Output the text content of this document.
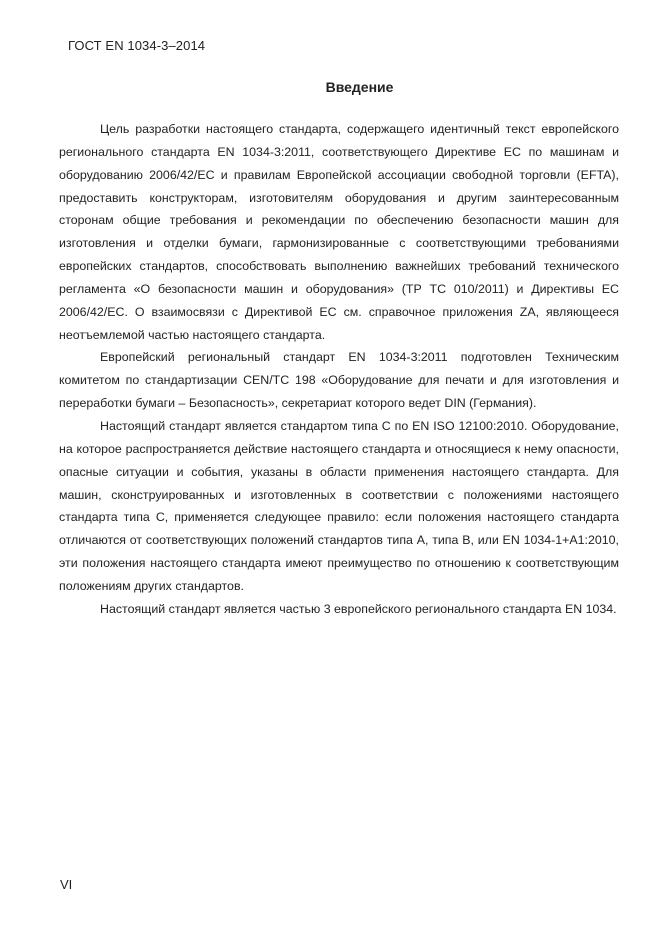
ГОСТ EN 1034-3–2014
Введение

Цель разработки настоящего стандарта, содержащего идентичный текст европейского регионального стандарта EN 1034-3:2011, соответствующего Директиве ЕС по машинам и оборудованию 2006/42/ЕС и правилам Европейской ассоциации свободной торговли (EFTA), предоставить конструкторам, изготовителям оборудования и другим заинтересованным сторонам общие требования и рекомендации по обеспечению безопасности машин для изготовления и отделки бумаги, гармонизированные с соответствующими требованиями европейских стандартов, способствовать выполнению важнейших требований технического регламента «О безопасности машин и оборудования» (ТР ТС 010/2011) и Директивы ЕС 2006/42/ЕС. О взаимосвязи с Директивой ЕС см. справочное приложения ZA, являющееся неотъемлемой частью настоящего стандарта.

Европейский региональный стандарт EN 1034-3:2011 подготовлен Техническим комитетом по стандартизации CEN/TC 198 «Оборудование для печати и для изготовления и переработки бумаги – Безопасность», секретариат которого ведет DIN (Германия).

Настоящий стандарт является стандартом типа С по EN ISO 12100:2010. Оборудование, на которое распространяется действие настоящего стандарта и относящиеся к нему опасности, опасные ситуации и события, указаны в области применения настоящего стандарта. Для машин, сконструированных и изготовленных в соответствии с положениями настоящего стандарта типа С, применяется следующее правило: если положения настоящего стандарта отличаются от соответствующих положений стандартов типа А, типа В, или EN 1034-1+А1:2010, эти положения настоящего стандарта имеют преимущество по отношению к соответствующим положениям других стандартов.

Настоящий стандарт является частью 3 европейского регионального стандарта EN 1034.

VI
